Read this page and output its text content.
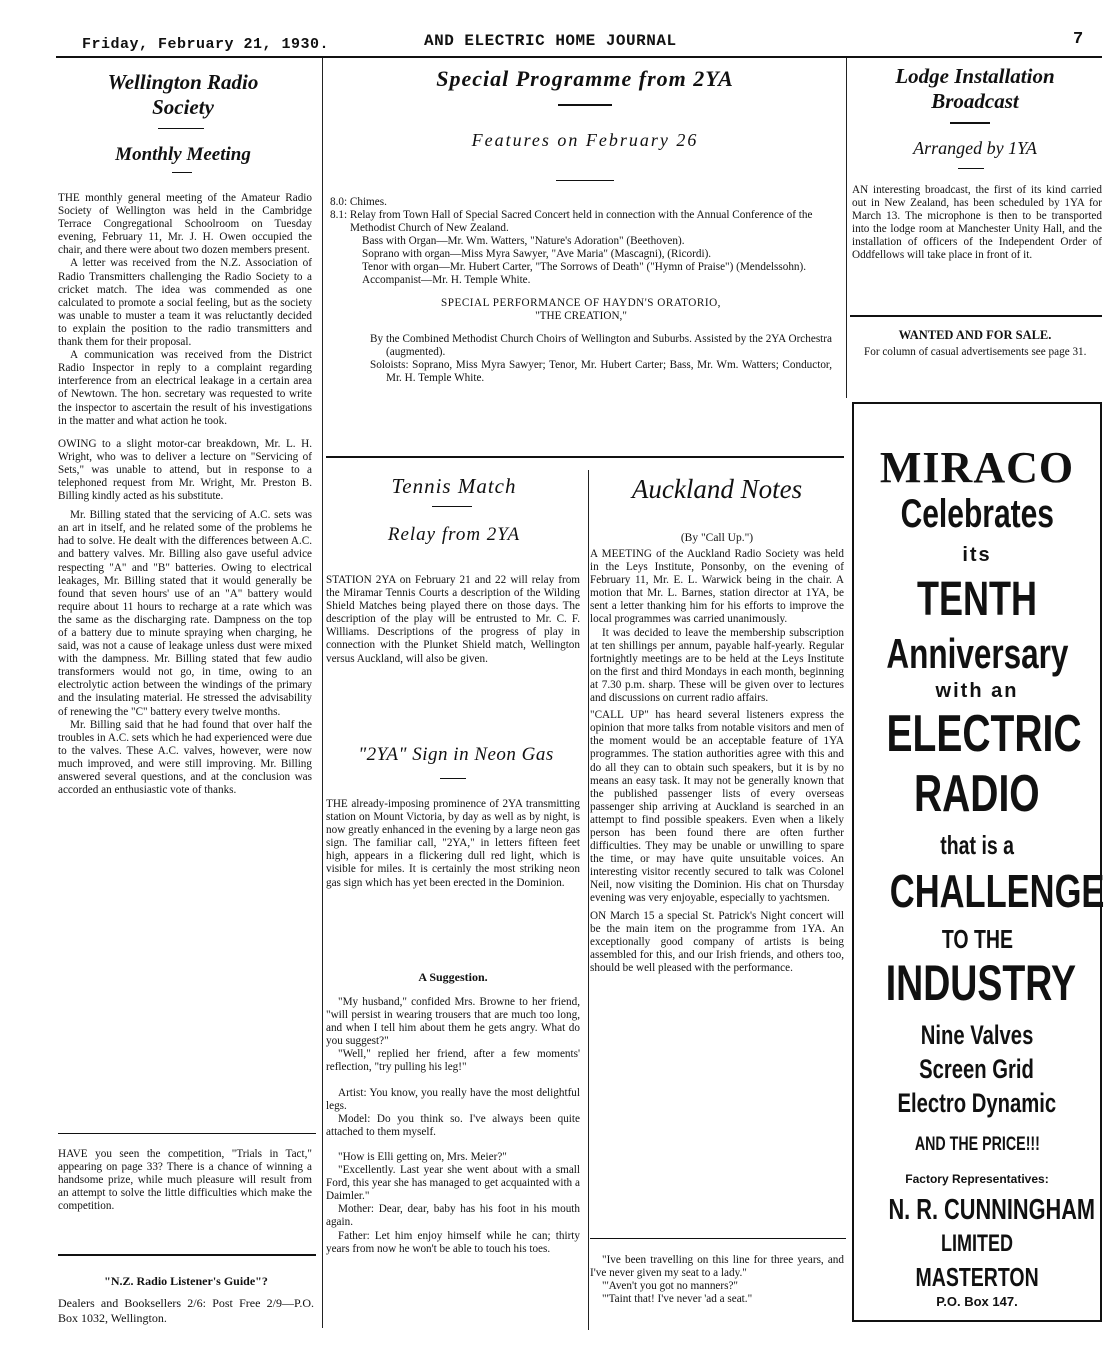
Friday, February 21, 1930.	AND ELECTRIC HOME JOURNAL	7
Wellington Radio
Society
Monthly Meeting

THE monthly general meeting of the Amateur Radio Society of Wellington was held in the Cambridge Terrace Congregational Schoolroom on Tuesday evening, February 11, Mr. J. H. Owen occupied the chair, and there were about two dozen members present.

A letter was received from the N.Z. Association of Radio Transmitters challenging the Radio Society to a cricket match. The idea was commended as one calculated to promote a social feeling, but as the society was unable to muster a team it was reluctantly decided to explain the position to the radio transmitters and thank them for their proposal.

A communication was received from the District Radio Inspector in reply to a complaint regarding interference from an electrical leakage in a certain area of Newtown. The hon. secretary was requested to write the inspector to ascertain the result of his investigations in the matter and what action he took.

OWING to a slight motor-car breakdown, Mr. L. H. Wright, who was to deliver a lecture on "Servicing of Sets," was unable to attend, but in response to a telephoned request from Mr. Wright, Mr. Preston B. Billing kindly acted as his substitute.

Mr. Billing stated that the servicing of A.C. sets was an art in itself, and he related some of the problems he had to solve. He dealt with the differences between A.C. and battery valves. Mr. Billing also gave useful advice respecting "A" and "B" batteries. Owing to electrical leakages, Mr. Billing stated that it would generally be found that seven hours' use of an "A" battery would require about 11 hours to recharge at a rate which was the same as the discharging rate. Dampness on the top of a battery due to minute spraying when charging, he said, was not a cause of leakage unless dust were mixed with the dampness. Mr. Billing stated that few audio transformers would not go, in time, owing to an electrolytic action between the windings of the primary and the insulating material. He stressed the advisability of renewing the "C" battery every twelve months.

Mr. Billing said that he had found that over half the troubles in A.C. sets which he had experienced were due to the valves. These A.C. valves, however, were now much improved, and were still improving. Mr. Billing answered several questions, and at the conclusion was accorded an enthusiastic vote of thanks.

HAVE you seen the competition, "Trials in Tact," appearing on page 33? There is a chance of winning a handsome prize, while much pleasure will result from an attempt to solve the little difficulties which make the competition.

"N.Z. Radio Listener's Guide"?
Dealers and Booksellers 2/6: Post Free 2/9—P.O. Box 1032, Wellington.
Special Programme from 2YA
Features on February 26
8.0: Chimes.
8.1: Relay from Town Hall of Special Sacred Concert held in connection with the Annual Conference of the Methodist Church of New Zealand.
Bass with Organ—Mr. Wm. Watters, "Nature's Adoration" (Beethoven).
Soprano with organ—Miss Myra Sawyer, "Ave Maria" (Mascagni), (Ricordi).
Tenor with organ—Mr. Hubert Carter, "The Sorrows of Death" ("Hymn of Praise") (Mendelssohn).
Accompanist—Mr. H. Temple White.
SPECIAL PERFORMANCE OF HAYDN'S ORATORIO,
"THE CREATION,"
By the Combined Methodist Church Choirs of Wellington and Suburbs. Assisted by the 2YA Orchestra (augmented).
Soloists: Soprano, Miss Myra Sawyer; Tenor, Mr. Hubert Carter; Bass, Mr. Wm. Watters; Conductor, Mr. H. Temple White.
Tennis Match
Relay from 2YA

STATION 2YA on February 21 and 22 will relay from the Miramar Tennis Courts a description of the Wilding Shield Matches being played there on those days. The description of the play will be entrusted to Mr. C. F. Williams. Descriptions of the progress of play in connection with the Plunket Shield match, Wellington versus Auckland, will also be given.

"2YA" Sign in Neon Gas

THE already-imposing prominence of 2YA transmitting station on Mount Victoria, by day as well as by night, is now greatly enhanced in the evening by a large neon gas sign. The familiar call, "2YA," in letters fifteen feet high, appears in a flickering dull red light, which is visible for miles. It is certainly the most striking neon gas sign which has yet been erected in the Dominion.

A Suggestion.

"My husband," confided Mrs. Browne to her friend, "will persist in wearing trousers that are much too long, and when I tell him about them he gets angry. What do you suggest?"

"Well," replied her friend, after a few moments' reflection, "try pulling his leg!"

Artist: You know, you really have the most delightful legs.

Model: Do you think so. I've always been quite attached to them myself.

"How is Elli getting on, Mrs. Meier?"

"Excellently. Last year she went about with a small Ford, this year she has managed to get acquainted with a Daimler."

Mother: Dear, dear, baby has his foot in his mouth again.

Father: Let him enjoy himself while he can; thirty years from now he won't be able to touch his toes.

Auckland Notes
(By "Call Up.")

A MEETING of the Auckland Radio Society was held in the Leys Institute, Ponsonby, on the evening of February 11, Mr. E. L. Warwick being in the chair. A motion that Mr. L. Barnes, station director at 1YA, be sent a letter thanking him for his efforts to improve the local programmes was carried unanimously.

It was decided to leave the membership subscription at ten shillings per annum, payable half-yearly. Regular fortnightly meetings are to be held at the Leys Institute on the first and third Mondays in each month, beginning at 7.30 p.m. sharp. These will be given over to lectures and discussions on current radio affairs.

"CALL UP" has heard several listeners express the opinion that more talks from notable visitors and men of the moment would be an acceptable feature of 1YA programmes. The station authorities agree with this and do all they can to obtain such speakers, but it is by no means an easy task. It may not be generally known that the published passenger lists of every overseas passenger ship arriving at Auckland is searched in an attempt to find possible speakers. Even when a likely person has been found there are often further difficulties. They may be unable or unwilling to spare the time, or may have quite unsuitable voices. An interesting visitor recently secured to talk was Colonel Neil, now visiting the Dominion. His chat on Thursday evening was very enjoyable, especially to yachtsmen.

ON March 15 a special St. Patrick's Night concert will be the main item on the programme from 1YA. An exceptionally good company of artists is being assembled for this, and our Irish friends, and others too, should be well pleased with the performance.

"Ive been travelling on this line for three years, and I've never given my seat to a lady."

"'Aven't you got no manners?"

"'Taint that! I've never 'ad a seat."

Lodge Installation
Broadcast
Arranged by 1YA

AN interesting broadcast, the first of its kind carried out in New Zealand, has been scheduled by 1YA for March 13. The microphone is then to be transported into the lodge room at Manchester Unity Hall, and the installation of officers of the Independent Order of Oddfellows will take place in front of it.

WANTED AND FOR SALE.

For column of casual advertisements see page 31.

MIRACO
Celebrates
its
TENTH
Anniversary
with an
ELECTRIC
RADIO
that is a
CHALLENGE
TO THE
INDUSTRY
Nine Valves
Screen Grid
Electro Dynamic
AND THE PRICE!!!
Factory Representatives:
N. R. CUNNINGHAM
LIMITED
MASTERTON
P.O. Box 147.
